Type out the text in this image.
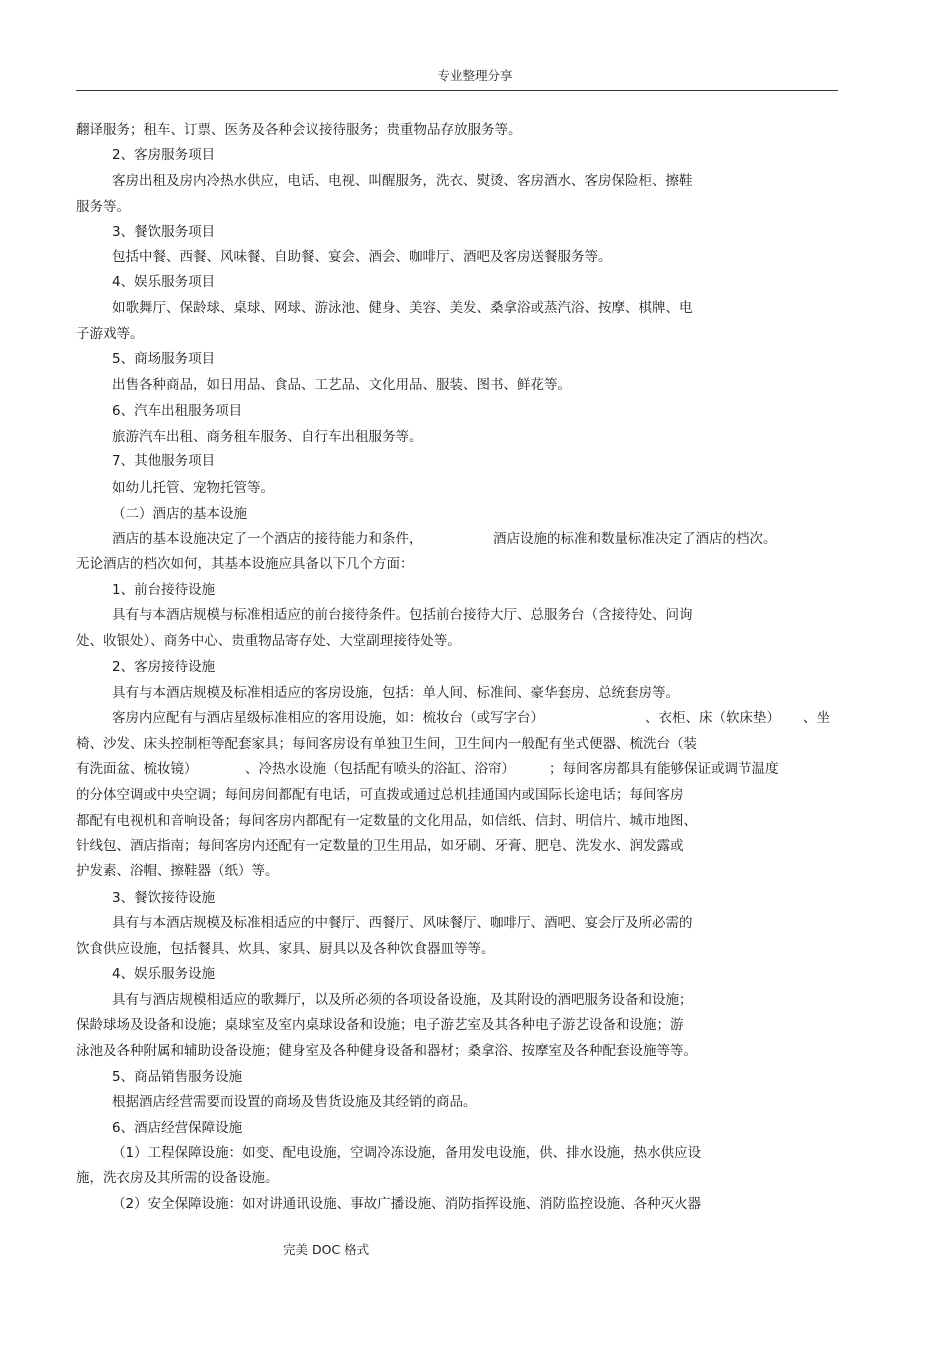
专业整理分享
翻译服务；租车、订票、医务及各种会议接待服务；贵重物品存放服务等。
2、客房服务项目
客房出租及房内冷热水供应，电话、电视、叫醒服务，洗衣、熨烫、客房酒水、客房保险柜、擦鞋
服务等。
3、餐饮服务项目
包括中餐、西餐、风味餐、自助餐、宴会、酒会、咖啡厅、酒吧及客房送餐服务等。
4、娱乐服务项目
如歌舞厅、保龄球、桌球、网球、游泳池、健身、美容、美发、桑拿浴或蒸汽浴、按摩、棋牌、电
子游戏等。
5、商场服务项目
出售各种商品，如日用品、食品、工艺品、文化用品、服装、图书、鲜花等。
6、汽车出租服务项目
旅游汽车出租、商务租车服务、自行车出租服务等。
7、其他服务项目
如幼儿托管、宠物托管等。
（二）酒店的基本设施
酒店的基本设施决定了一个酒店的接待能力和条件，	酒店设施的标准和数量标准决定了酒店的档次。
无论酒店的档次如何，其基本设施应具备以下几个方面：
1、前台接待设施
具有与本酒店规模与标准相适应的前台接待条件。包括前台接待大厅、总服务台（含接待处、问询
处、收银处）、商务中心、贵重物品寄存处、大堂副理接待处等。
2、客房接待设施
具有与本酒店规模及标准相适应的客房设施，包括：单人间、标准间、豪华套房、总统套房等。
客房内应配有与酒店星级标准相应的客用设施，如：梳妆台（或写字台）	、衣柜、床（软床垫） 、坐
椅、沙发、床头控制柜等配套家具；每间客房设有单独卫生间，卫生间内一般配有坐式便器、梳洗台（装
有洗面盆、梳妆镜）	、冷热水设施（包括配有喷头的浴缸、浴帘）	；每间客房都具有能够保证或调节温度
的分体空调或中央空调；每间房间都配有电话，可直拨或通过总机挂通国内或国际长途电话；每间客房
都配有电视机和音响设备；每间客房内都配有一定数量的文化用品，如信纸、信封、明信片、城市地图、
针线包、酒店指南；每间客房内还配有一定数量的卫生用品，如牙刷、牙膏、肥皂、洗发水、润发露或
护发素、浴帽、擦鞋器（纸）等。
3、餐饮接待设施
具有与本酒店规模及标准相适应的中餐厅、西餐厅、风味餐厅、咖啡厅、酒吧、宴会厅及所必需的
饮食供应设施，包括餐具、炊具、家具、厨具以及各种饮食器皿等等。
4、娱乐服务设施
具有与酒店规模相适应的歌舞厅，以及所必须的各项设备设施，及其附设的酒吧服务设备和设施；
保龄球场及设备和设施；桌球室及室内桌球设备和设施；电子游艺室及其各种电子游艺设备和设施；游
泳池及各种附属和辅助设备设施；健身室及各种健身设备和器材；桑拿浴、按摩室及各种配套设施等等。
5、商品销售服务设施
根据酒店经营需要而设置的商场及售货设施及其经销的商品。
6、酒店经营保障设施
（1）工程保障设施：如变、配电设施，空调冷冻设施，备用发电设施，供、排水设施，热水供应设
施，洗衣房及其所需的设备设施。
（2）安全保障设施：如对讲通讯设施、事故广播设施、消防指挥设施、消防监控设施、各种灭火器
完美 DOC 格式
